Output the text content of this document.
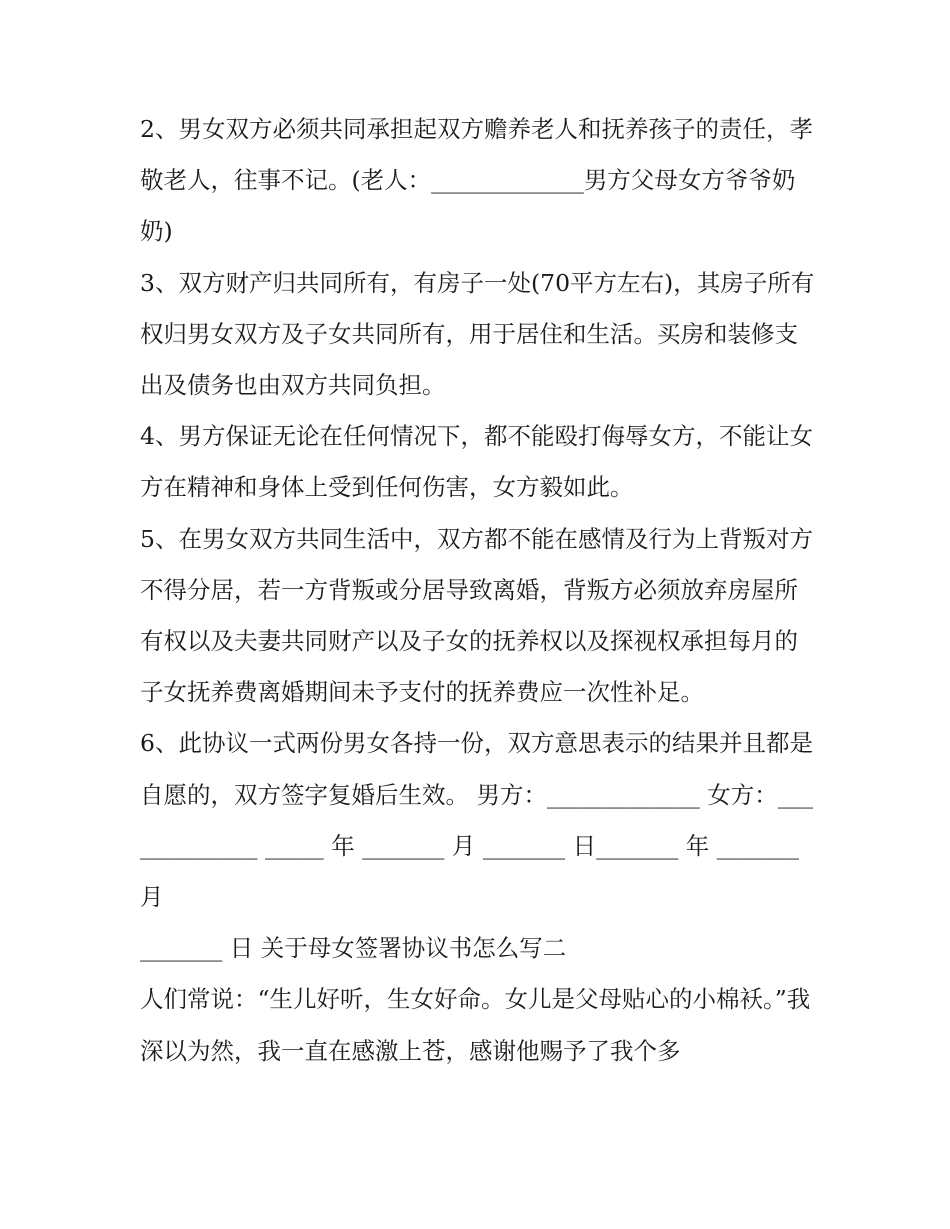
2、男女双方必须共同承担起双方赡养老人和抚养孩子的责任，孝敬老人，往事不记。(老人：_____________男方父母女方爷爷奶奶)

3、双方财产归共同所有，有房子一处(70平方左右)，其房子所有权归男女双方及子女共同所有，用于居住和生活。买房和装修支出及债务也由双方共同负担。

4、男方保证无论在任何情况下，都不能殴打侮辱女方，不能让女方在精神和身体上受到任何伤害，女方毅如此。

5、在男女双方共同生活中，双方都不能在感情及行为上背叛对方不得分居，若一方背叛或分居导致离婚，背叛方必须放弃房屋所有权以及夫妻共同财产以及子女的抚养权以及探视权承担每月的子女抚养费离婚期间未予支付的抚养费应一次性补足。

6、此协议一式两份男女各持一份，双方意思表示的结果并且都是自愿的，双方签字复婚后生效。 男方：_____________ 女方：_____________ _____ 年 _______ 月 _______ 日_______ 年 _______ 月

_______ 日 关于母女签署协议书怎么写二

人们常说：“生儿好听，生女好命。女儿是父母贴心的小棉袄。”我深以为然，我一直在感激上苍，感谢他赐予了我个多
